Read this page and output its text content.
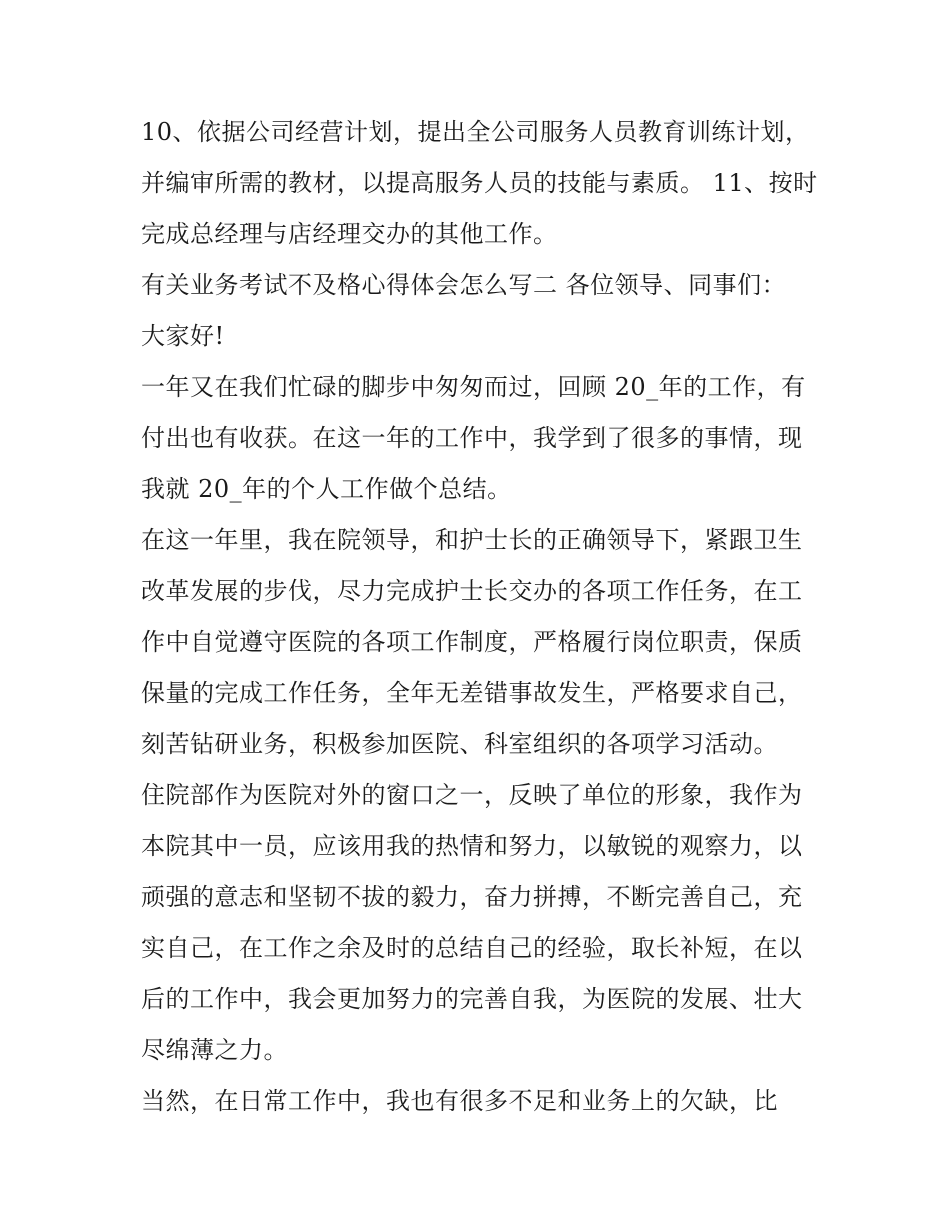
10、依据公司经营计划，提出全公司服务人员教育训练计划，
并编审所需的教材，以提高服务人员的技能与素质。 11、按时
完成总经理与店经理交办的其他工作。
有关业务考试不及格心得体会怎么写二 各位领导、同事们：
大家好!
一年又在我们忙碌的脚步中匆匆而过，回顾 20_年的工作，有
付出也有收获。在这一年的工作中，我学到了很多的事情，现
我就 20_年的个人工作做个总结。
在这一年里，我在院领导，和护士长的正确领导下，紧跟卫生
改革发展的步伐，尽力完成护士长交办的各项工作任务，在工
作中自觉遵守医院的各项工作制度，严格履行岗位职责，保质
保量的完成工作任务，全年无差错事故发生，严格要求自己，
刻苦钻研业务，积极参加医院、科室组织的各项学习活动。
住院部作为医院对外的窗口之一，反映了单位的形象，我作为
本院其中一员，应该用我的热情和努力，以敏锐的观察力，以
顽强的意志和坚韧不拔的毅力，奋力拼搏，不断完善自己，充
实自己，在工作之余及时的总结自己的经验，取长补短，在以
后的工作中，我会更加努力的完善自我，为医院的发展、壮大
尽绵薄之力。
当然，在日常工作中，我也有很多不足和业务上的欠缺，比
